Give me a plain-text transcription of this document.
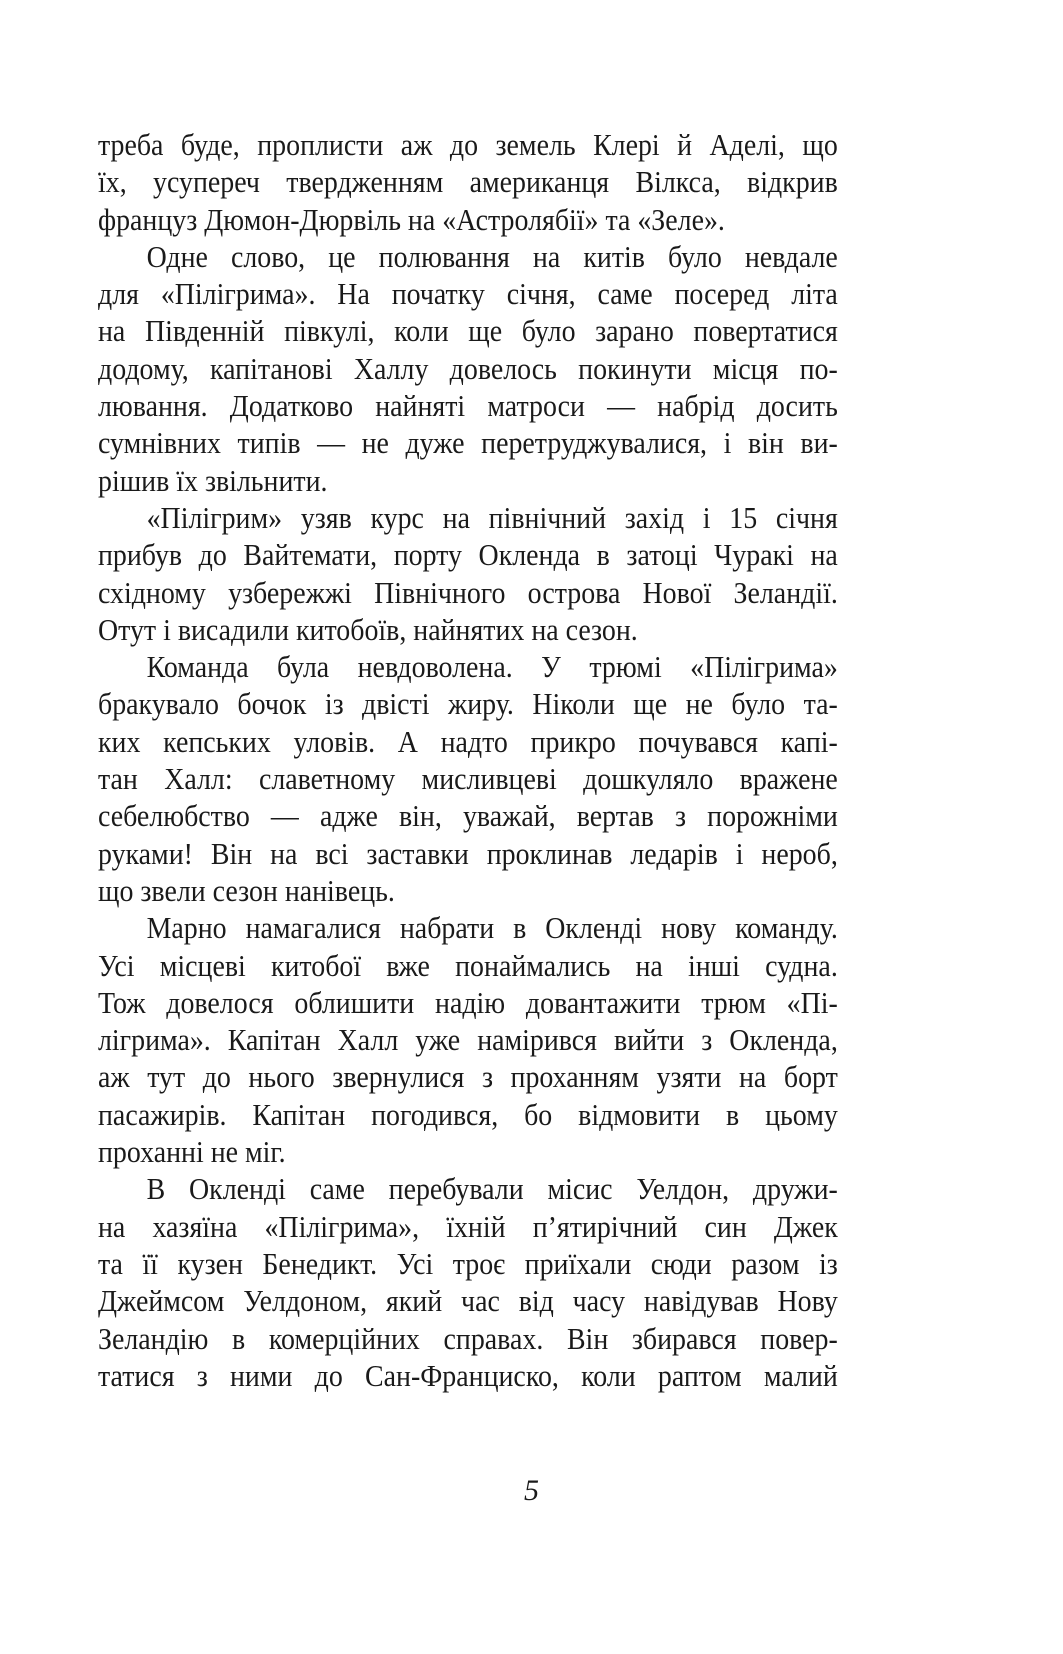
треба буде, проплисти аж до земель Клері й Аделі, що
їх, усупереч твердженням американця Вілкса, відкрив
француз Дюмон-Дюрвіль на «Астролябії» та «Зеле».
Одне слово, це полювання на китів було невдале
для «Пілігрима». На початку січня, саме посеред літа
на Південній півкулі, коли ще було зарано повертатися
додому, капітанові Халлу довелось покинути місця по-
лювання. Додатково найняті матроси — набрід досить
сумнівних типів — не дуже перетруджувалися, і він ви-
рішив їх звільнити.
«Пілігрим» узяв курс на північний захід і 15 січня
прибув до Вайтемати, порту Окленда в затоці Чуракі на
східному узбережжі Північного острова Нової Зеландії.
Отут і висадили китобоїв, найнятих на сезон.
Команда була невдоволена. У трюмі «Пілігрима»
бракувало бочок із двісті жиру. Ніколи ще не було та-
ких кепських уловів. А надто прикро почувався капі-
тан Халл: славетному мисливцеві дошкуляло вражене
себелюбство — адже він, уважай, вертав з порожніми
руками! Він на всі заставки проклинав ледарів і нероб,
що звели сезон нанівець.
Марно намагалися набрати в Окленді нову команду.
Усі місцеві китобої вже понаймались на інші судна.
Тож довелося облишити надію довантажити трюм «Пі-
лігрима». Капітан Халл уже намірився вийти з Окленда,
аж тут до нього звернулися з проханням узяти на борт
пасажирів. Капітан погодився, бо відмовити в цьому
проханні не міг.
В Окленді саме перебували місис Уелдон, дружи-
на хазяїна «Пілігрима», їхній п’ятирічний син Джек
та її кузен Бенедикт. Усі троє приїхали сюди разом із
Джеймсом Уелдоном, який час від часу навідував Нову
Зеландію в комерційних справах. Він збирався повер-
татися з ними до Сан-Франциско, коли раптом малий
5
